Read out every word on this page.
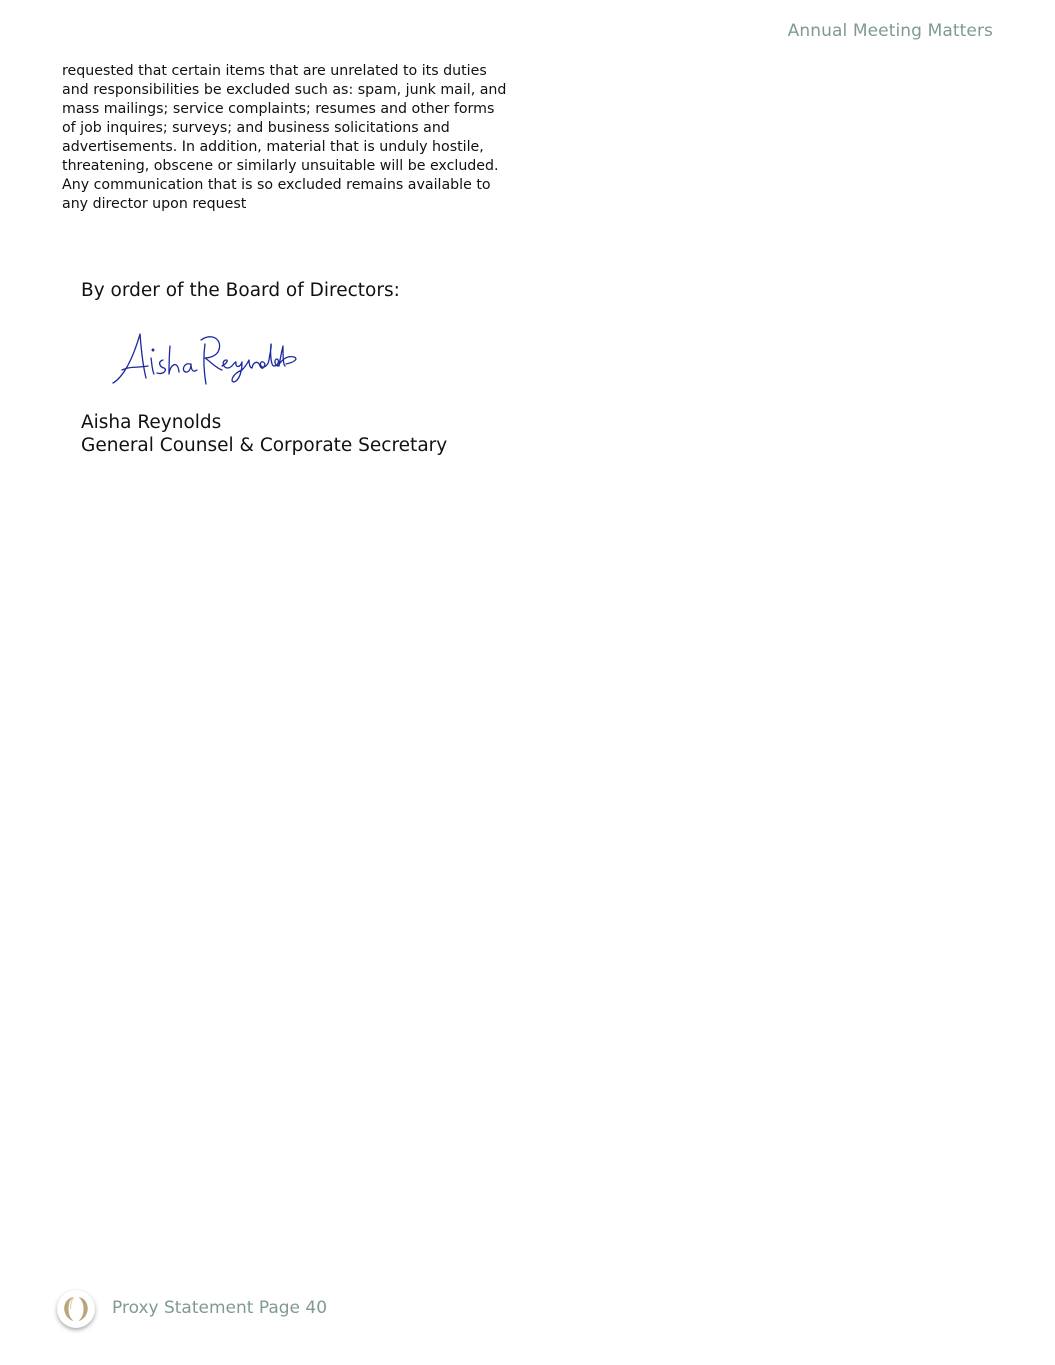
Annual Meeting Matters

requested that certain items that are unrelated to its duties and responsibilities be excluded such as: spam, junk mail, and mass mailings; service complaints; resumes and other forms of job inquires; surveys; and business solicitations and advertisements. In addition, material that is unduly hostile, threatening, obscene or similarly unsuitable will be excluded. Any communication that is so excluded remains available to any director upon request

By order of the Board of Directors:
Aisha Reynolds
General Counsel & Corporate Secretary
Proxy Statement Page 40
